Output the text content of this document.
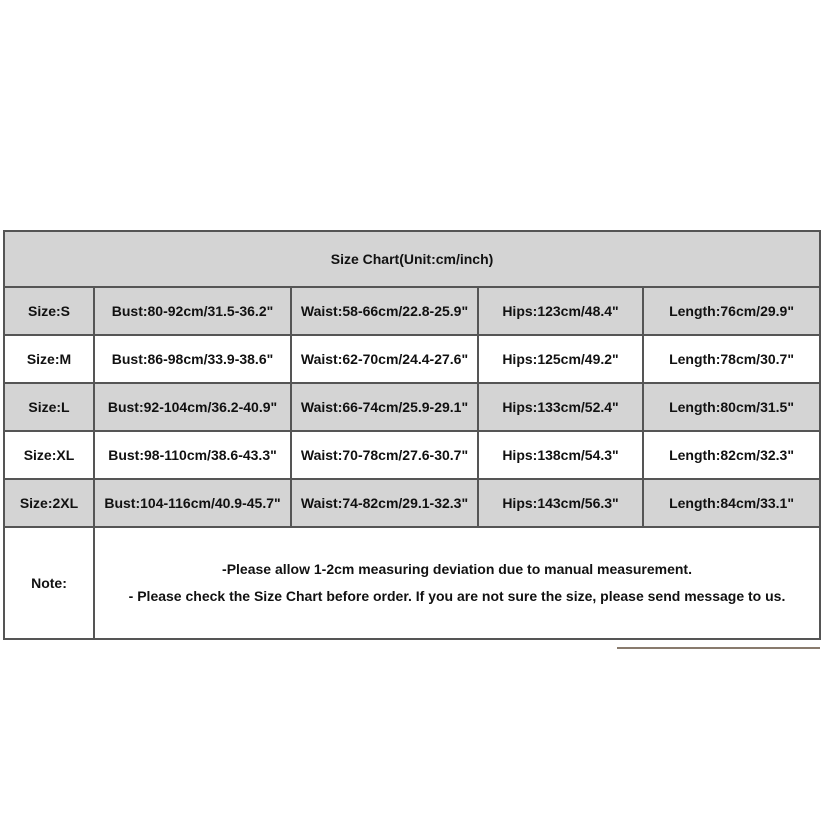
Size Chart(Unit:cm/inch)				
Size:S	Bust:80-92cm/31.5-36.2"	Waist:58-66cm/22.8-25.9"	Hips:123cm/48.4"	Length:76cm/29.9"
Size:M	Bust:86-98cm/33.9-38.6"	Waist:62-70cm/24.4-27.6"	Hips:125cm/49.2"	Length:78cm/30.7"
Size:L	Bust:92-104cm/36.2-40.9"	Waist:66-74cm/25.9-29.1"	Hips:133cm/52.4"	Length:80cm/31.5"
Size:XL	Bust:98-110cm/38.6-43.3"	Waist:70-78cm/27.6-30.7"	Hips:138cm/54.3"	Length:82cm/32.3"
Size:2XL	Bust:104-116cm/40.9-45.7"	Waist:74-82cm/29.1-32.3"	Hips:143cm/56.3"	Length:84cm/33.1"
Note:	-Please allow 1-2cm measuring deviation due to manual measurement.
- Please check the Size Chart before order. If you are not sure the size, please send message to us.			
